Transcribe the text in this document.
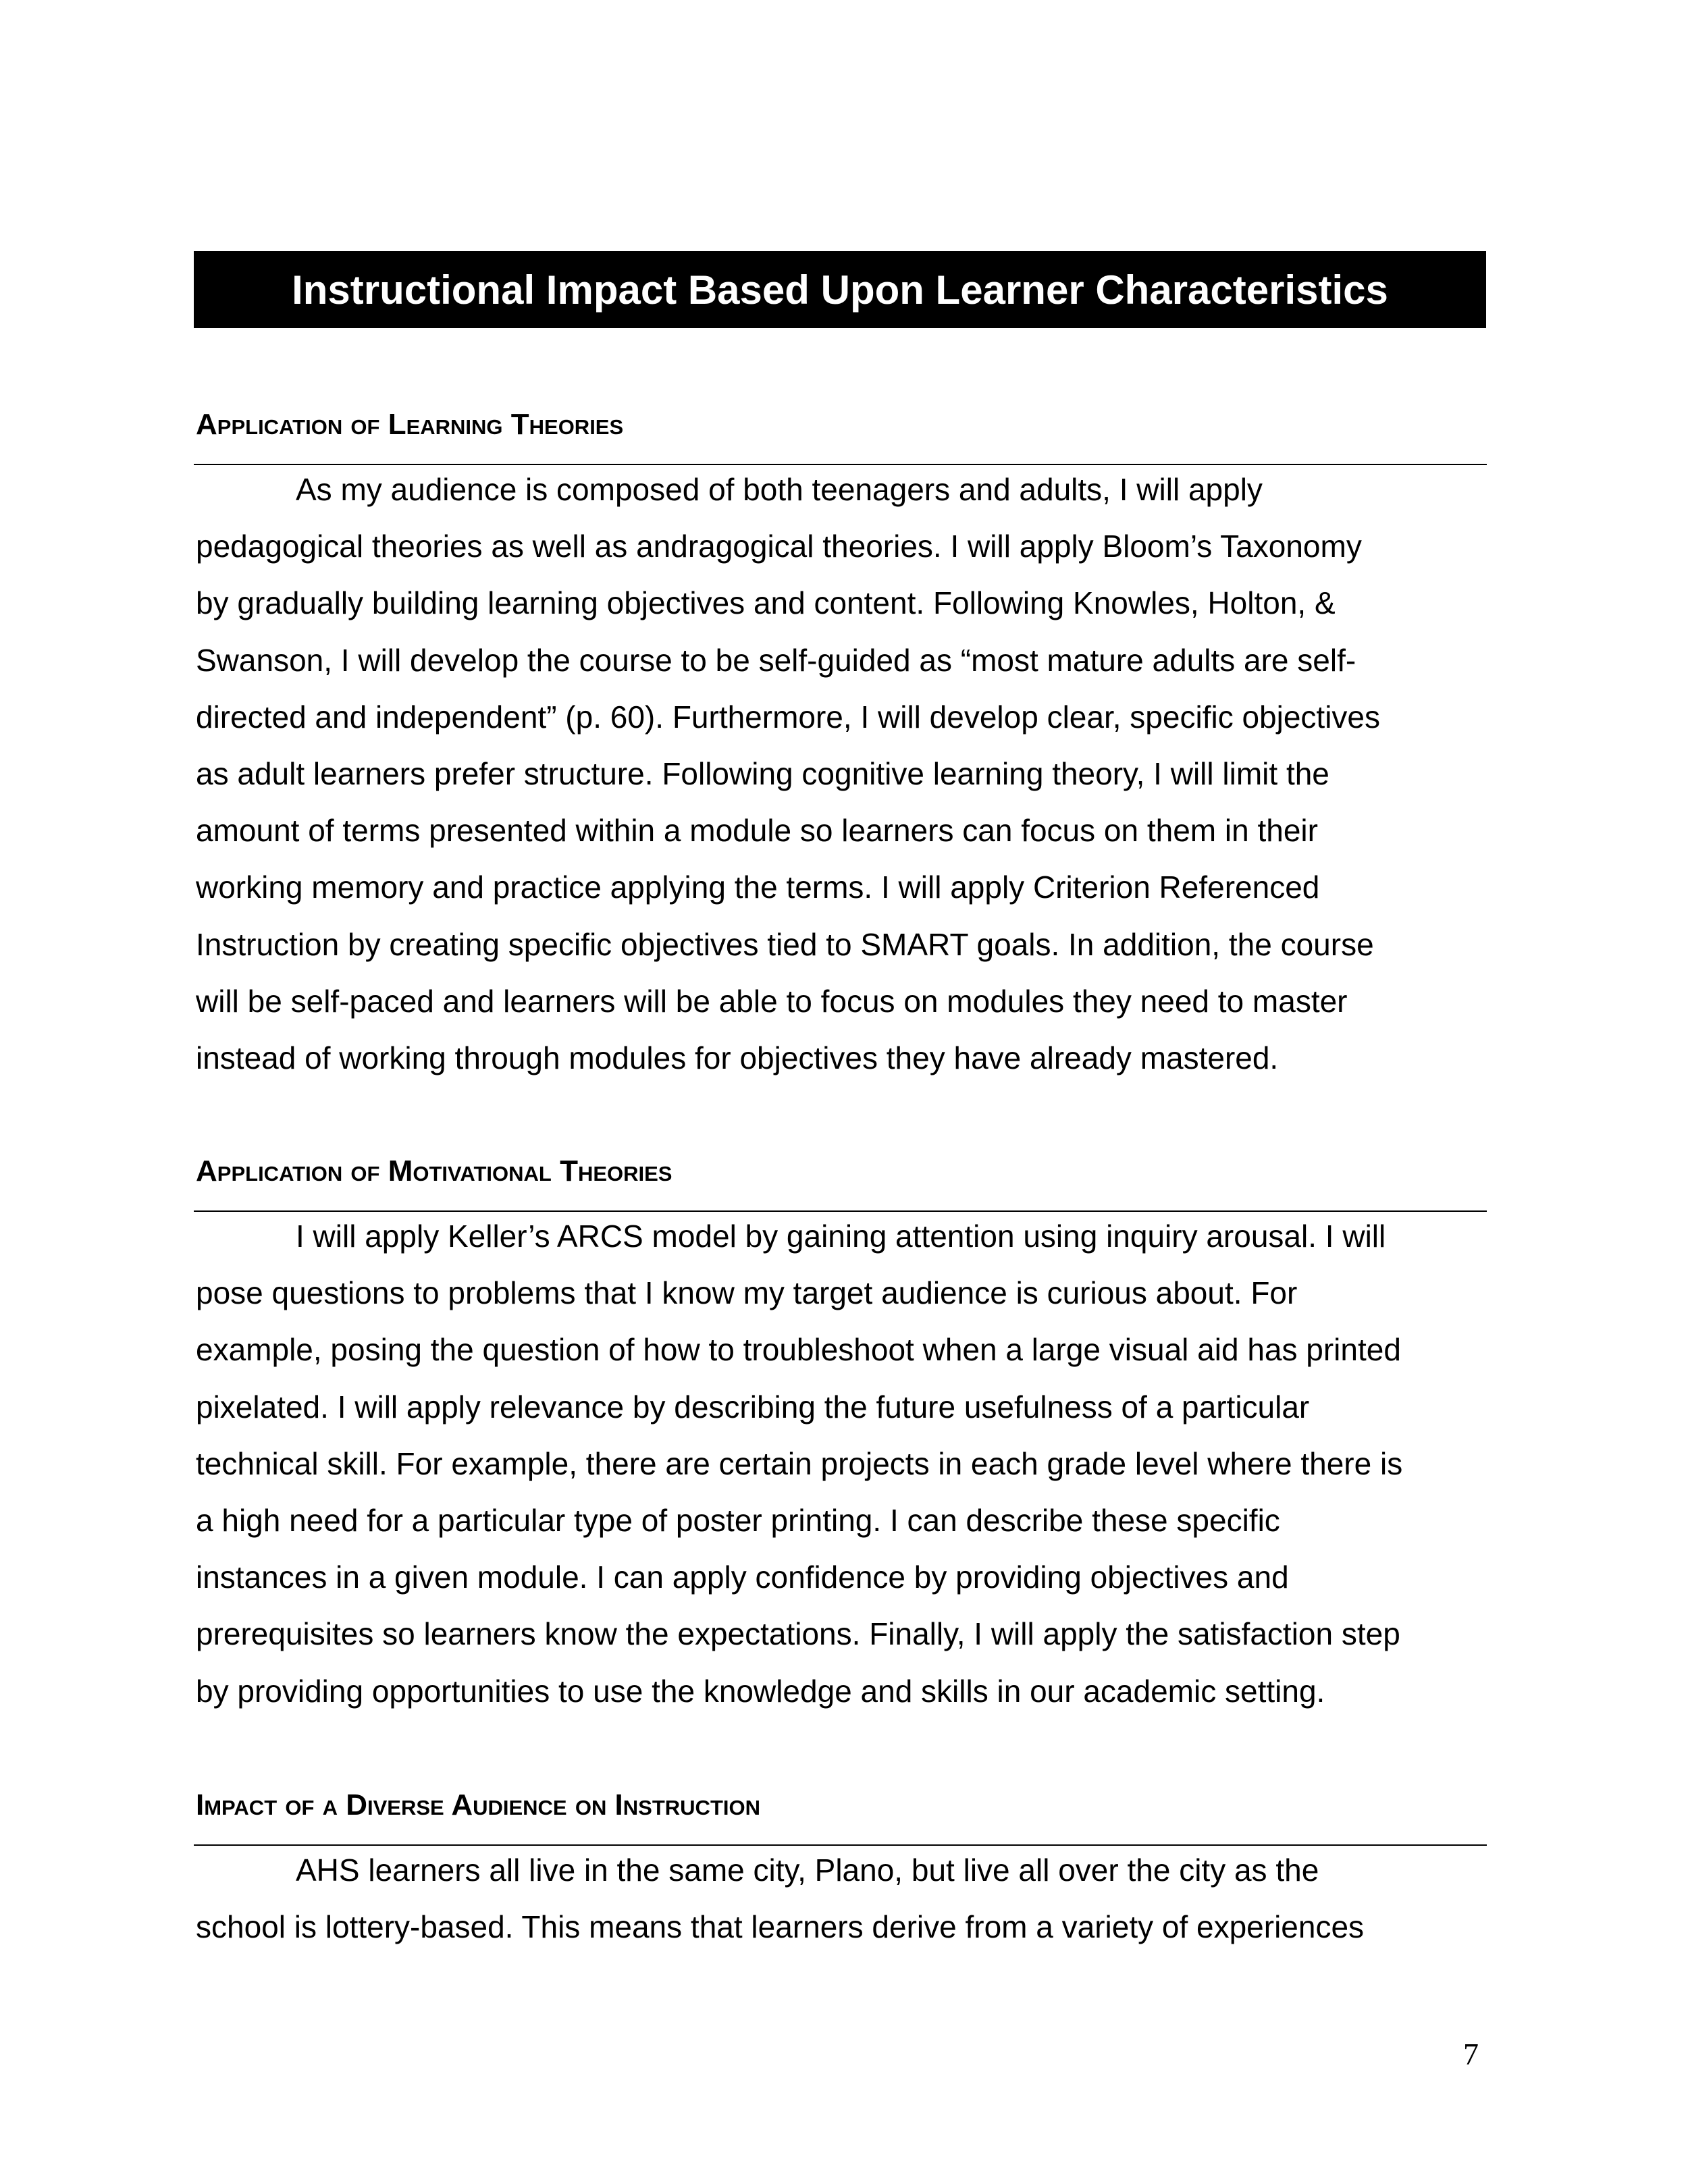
Instructional Impact Based Upon Learner Characteristics
Application of Learning Theories

As my audience is composed of both teenagers and adults, I will apply
pedagogical theories as well as andragogical theories. I will apply Bloom’s Taxonomy
by gradually building learning objectives and content. Following Knowles, Holton, &
Swanson, I will develop the course to be self-guided as “most mature adults are self-
directed and independent” (p. 60). Furthermore, I will develop clear, specific objectives
as adult learners prefer structure. Following cognitive learning theory, I will limit the
amount of terms presented within a module so learners can focus on them in their
working memory and practice applying the terms. I will apply Criterion Referenced
Instruction by creating specific objectives tied to SMART goals. In addition, the course
will be self-paced and learners will be able to focus on modules they need to master
instead of working through modules for objectives they have already mastered.

Application of Motivational Theories

I will apply Keller’s ARCS model by gaining attention using inquiry arousal. I will
pose questions to problems that I know my target audience is curious about. For
example, posing the question of how to troubleshoot when a large visual aid has printed
pixelated. I will apply relevance by describing the future usefulness of a particular
technical skill. For example, there are certain projects in each grade level where there is
a high need for a particular type of poster printing. I can describe these specific
instances in a given module. I can apply confidence by providing objectives and
prerequisites so learners know the expectations. Finally, I will apply the satisfaction step
by providing opportunities to use the knowledge and skills in our academic setting.

Impact of a Diverse Audience on Instruction

AHS learners all live in the same city, Plano, but live all over the city as the
school is lottery-based. This means that learners derive from a variety of experiences

7
